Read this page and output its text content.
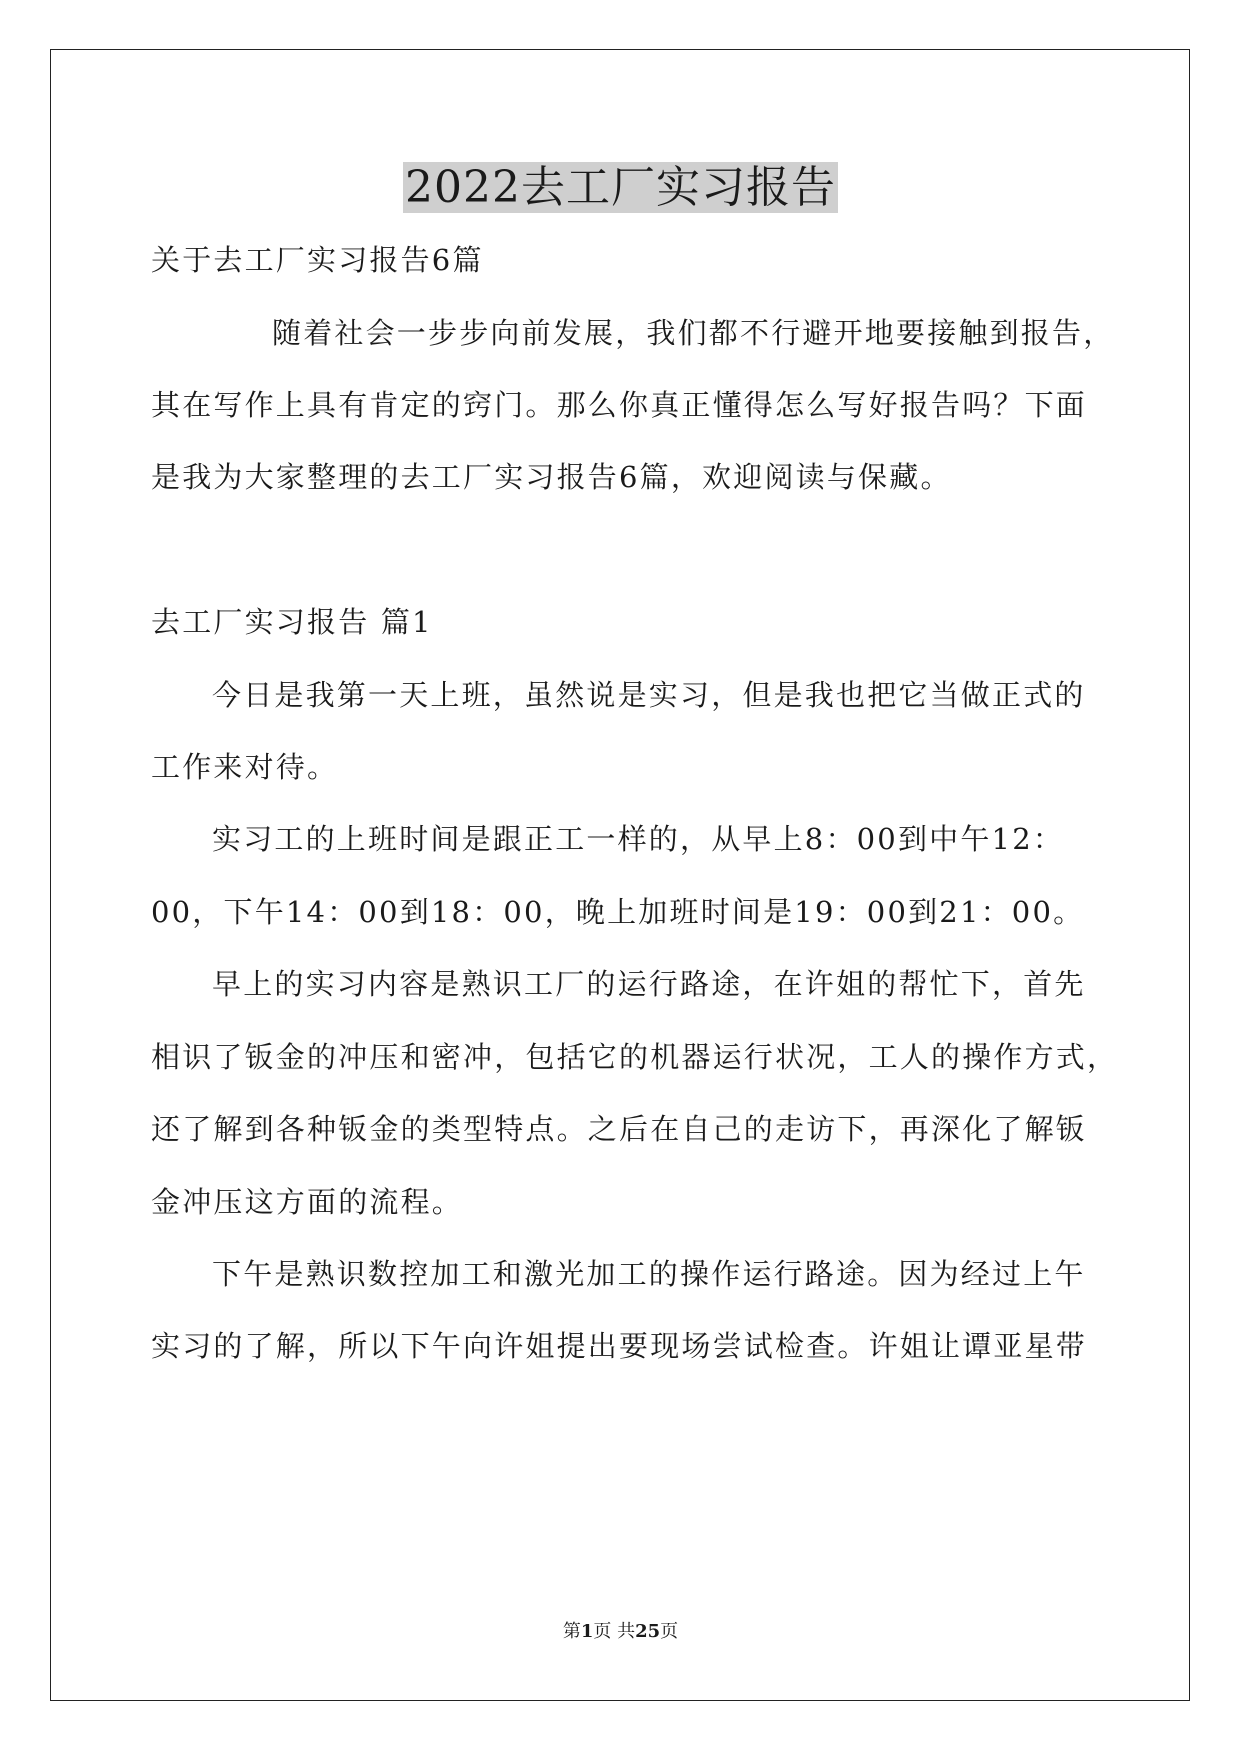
2022去工厂实习报告

关于去工厂实习报告6篇

随着社会一步步向前发展，我们都不行避开地要接触到报告，

其在写作上具有肯定的窍门。那么你真正懂得怎么写好报告吗？下面

是我为大家整理的去工厂实习报告6篇，欢迎阅读与保藏。

去工厂实习报告 篇1

今日是我第一天上班，虽然说是实习，但是我也把它当做正式的

工作来对待。

实习工的上班时间是跟正工一样的，从早上8：00到中午12：

00，下午14：00到18：00，晚上加班时间是19：00到21：00。

早上的实习内容是熟识工厂的运行路途，在许姐的帮忙下，首先

相识了钣金的冲压和密冲，包括它的机器运行状况，工人的操作方式，

还了解到各种钣金的类型特点。之后在自己的走访下，再深化了解钣

金冲压这方面的流程。

下午是熟识数控加工和激光加工的操作运行路途。因为经过上午

实习的了解，所以下午向许姐提出要现场尝试检查。许姐让谭亚星带

第1页 共25页
